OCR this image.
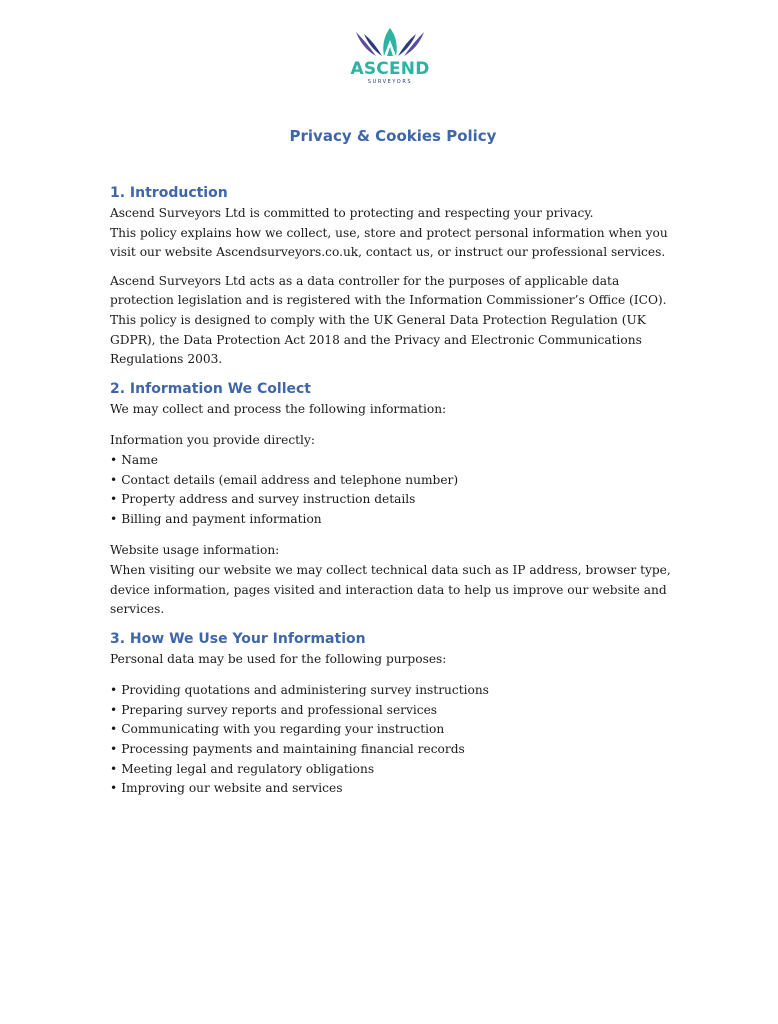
ASCEND
SURVEYORS
Privacy & Cookies Policy
1. Introduction

Ascend Surveyors Ltd is committed to protecting and respecting your privacy.
This policy explains how we collect, use, store and protect personal information when you
visit our website Ascendsurveyors.co.uk, contact us, or instruct our professional services.

Ascend Surveyors Ltd acts as a data controller for the purposes of applicable data
protection legislation and is registered with the Information Commissioner’s Office (ICO).
This policy is designed to comply with the UK General Data Protection Regulation (UK
GDPR), the Data Protection Act 2018 and the Privacy and Electronic Communications
Regulations 2003.

2. Information We Collect

We may collect and process the following information:

Information you provide directly:

• Name
• Contact details (email address and telephone number)
• Property address and survey instruction details
• Billing and payment information

Website usage information:

When visiting our website we may collect technical data such as IP address, browser type,
device information, pages visited and interaction data to help us improve our website and
services.

3. How We Use Your Information

Personal data may be used for the following purposes:

• Providing quotations and administering survey instructions
• Preparing survey reports and professional services
• Communicating with you regarding your instruction
• Processing payments and maintaining financial records
• Meeting legal and regulatory obligations
• Improving our website and services
